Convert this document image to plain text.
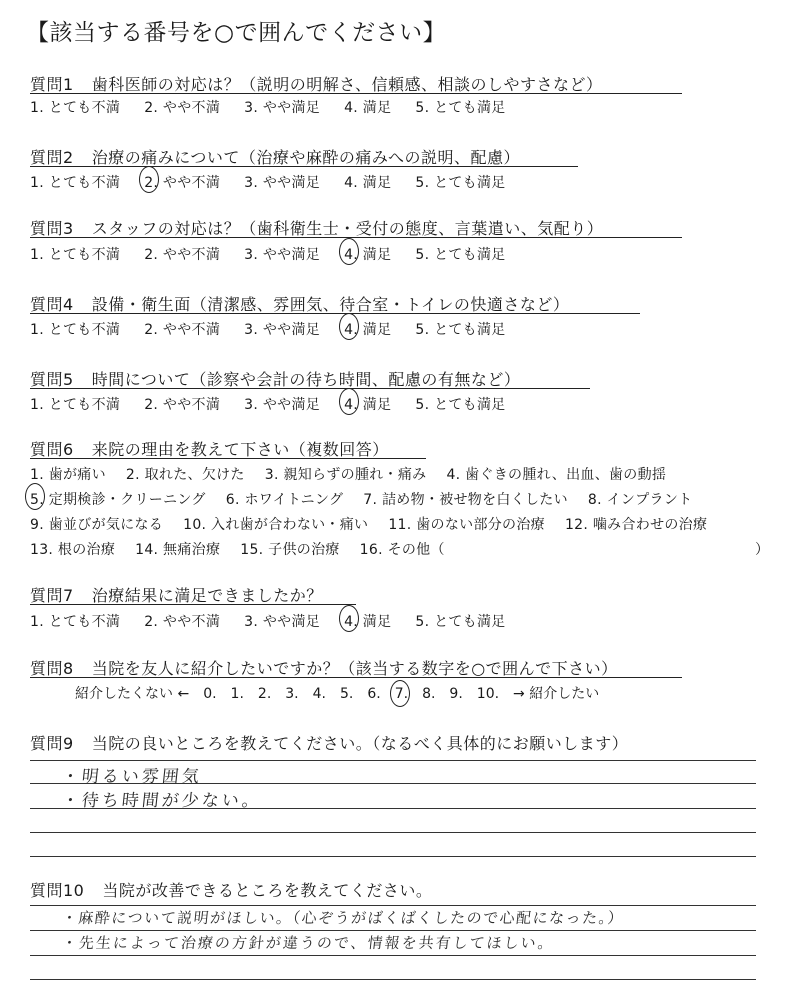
【該当する番号を○で囲んでください】
質問1 歯科医師の対応は？（説明の明解さ、信頼感、相談のしやすさなど）
1. とても不満 2. やや不満 3. やや満足 4. 満足 5. とても満足
質問2 治療の痛みについて（治療や麻酔の痛みへの説明、配慮）
1. とても不満 2. やや不満 3. やや満足 4. 満足 5. とても満足
質問3 スタッフの対応は？（歯科衛生士・受付の態度、言葉遣い、気配り）
1. とても不満 2. やや不満 3. やや満足 4. 満足 5. とても満足
質問4 設備・衛生面（清潔感、雰囲気、待合室・トイレの快適さなど）
1. とても不満 2. やや不満 3. やや満足 4. 満足 5. とても満足
質問5 時間について（診察や会計の待ち時間、配慮の有無など）
1. とても不満 2. やや不満 3. やや満足 4. 満足 5. とても満足
質問6 来院の理由を教えて下さい（複数回答）
1. 歯が痛い 2. 取れた、欠けた 3. 親知らずの腫れ・痛み 4. 歯ぐきの腫れ、出血、歯の動揺
5. 定期検診・クリーニング 6. ホワイトニング 7. 詰め物・被せ物を白くしたい 8. インプラント
9. 歯並びが気になる 10. 入れ歯が合わない・痛い 11. 歯のない部分の治療 12. 噛み合わせの治療
13. 根の治療 14. 無痛治療 15. 子供の治療 16. その他（	）
質問7 治療結果に満足できましたか？
1. とても不満 2. やや不満 3. やや満足 4. 満足 5. とても満足
質問8 当院を友人に紹介したいですか？（該当する数字を○で囲んで下さい）
紹介したくない ← 0. 1. 2. 3. 4. 5. 6. 7. 8. 9. 10. → 紹介したい
質問9 当院の良いところを教えてください。（なるべく具体的にお願いします）
・明るい雰囲気
・待ち時間が少ない。
質問10 当院が改善できるところを教えてください。
・麻酔について説明がほしい。（心ぞうがばくばくしたので心配になった。）
・先生によって治療の方針が違うので、情報を共有してほしい。
